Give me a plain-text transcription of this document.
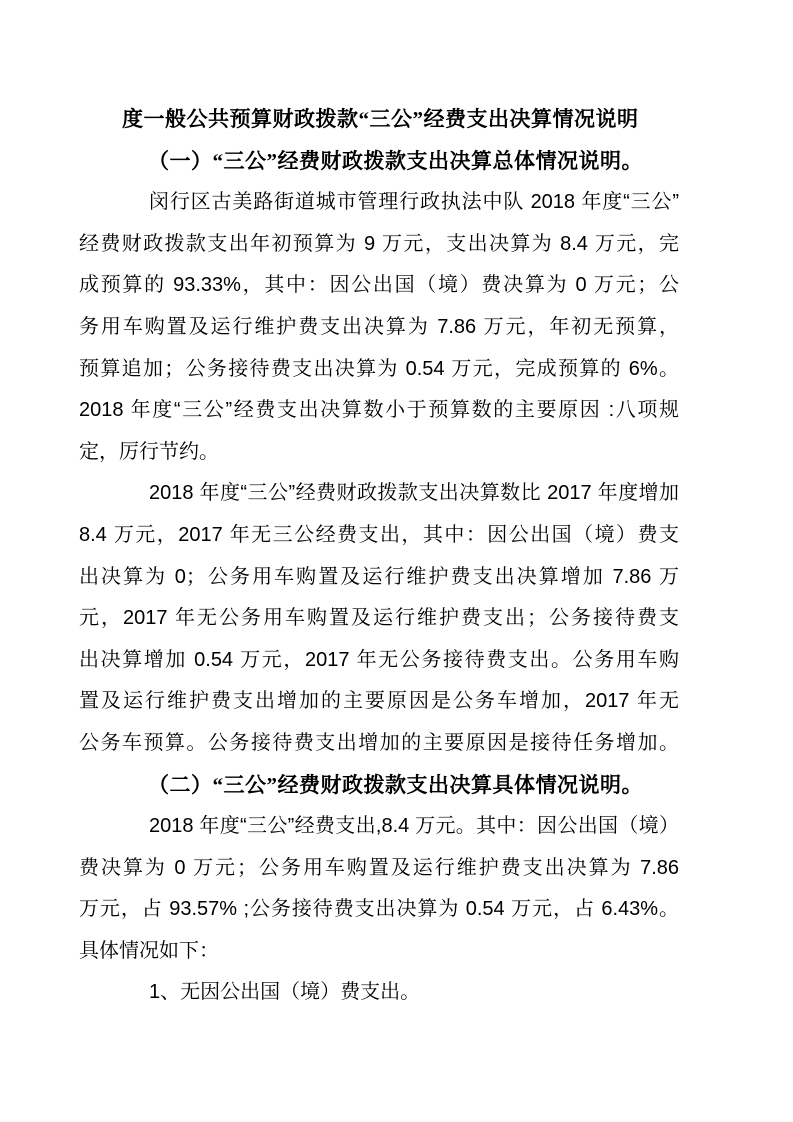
度一般公共预算财政拨款“三公”经费支出决算情况说明
（一）“三公”经费财政拨款支出决算总体情况说明。
闵行区古美路街道城市管理行政执法中队 2018 年度“三公”
经费财政拨款支出年初预算为 9 万元，支出决算为 8.4 万元，完
成预算的 93.33%，其中：因公出国（境）费决算为 0 万元；公
务用车购置及运行维护费支出决算为 7.86 万元，年初无预算，
预算追加；公务接待费支出决算为 0.54 万元，完成预算的 6%。
2018 年度“三公”经费支出决算数小于预算数的主要原因 :八项规
定，厉行节约。
2018 年度“三公”经费财政拨款支出决算数比 2017 年度增加
8.4 万元，2017 年无三公经费支出，其中：因公出国（境）费支
出决算为 0；公务用车购置及运行维护费支出决算增加 7.86 万
元，2017 年无公务用车购置及运行维护费支出；公务接待费支
出决算增加 0.54 万元，2017 年无公务接待费支出。公务用车购
置及运行维护费支出增加的主要原因是公务车增加，2017 年无
公务车预算。公务接待费支出增加的主要原因是接待任务增加。
（二）“三公”经费财政拨款支出决算具体情况说明。
2018 年度“三公”经费支出,8.4 万元。其中：因公出国（境）
费决算为 0 万元；公务用车购置及运行维护费支出决算为 7.86
万元，占 93.57% ;公务接待费支出决算为 0.54 万元，占 6.43%。
具体情况如下：
1、无因公出国（境）费支出。
